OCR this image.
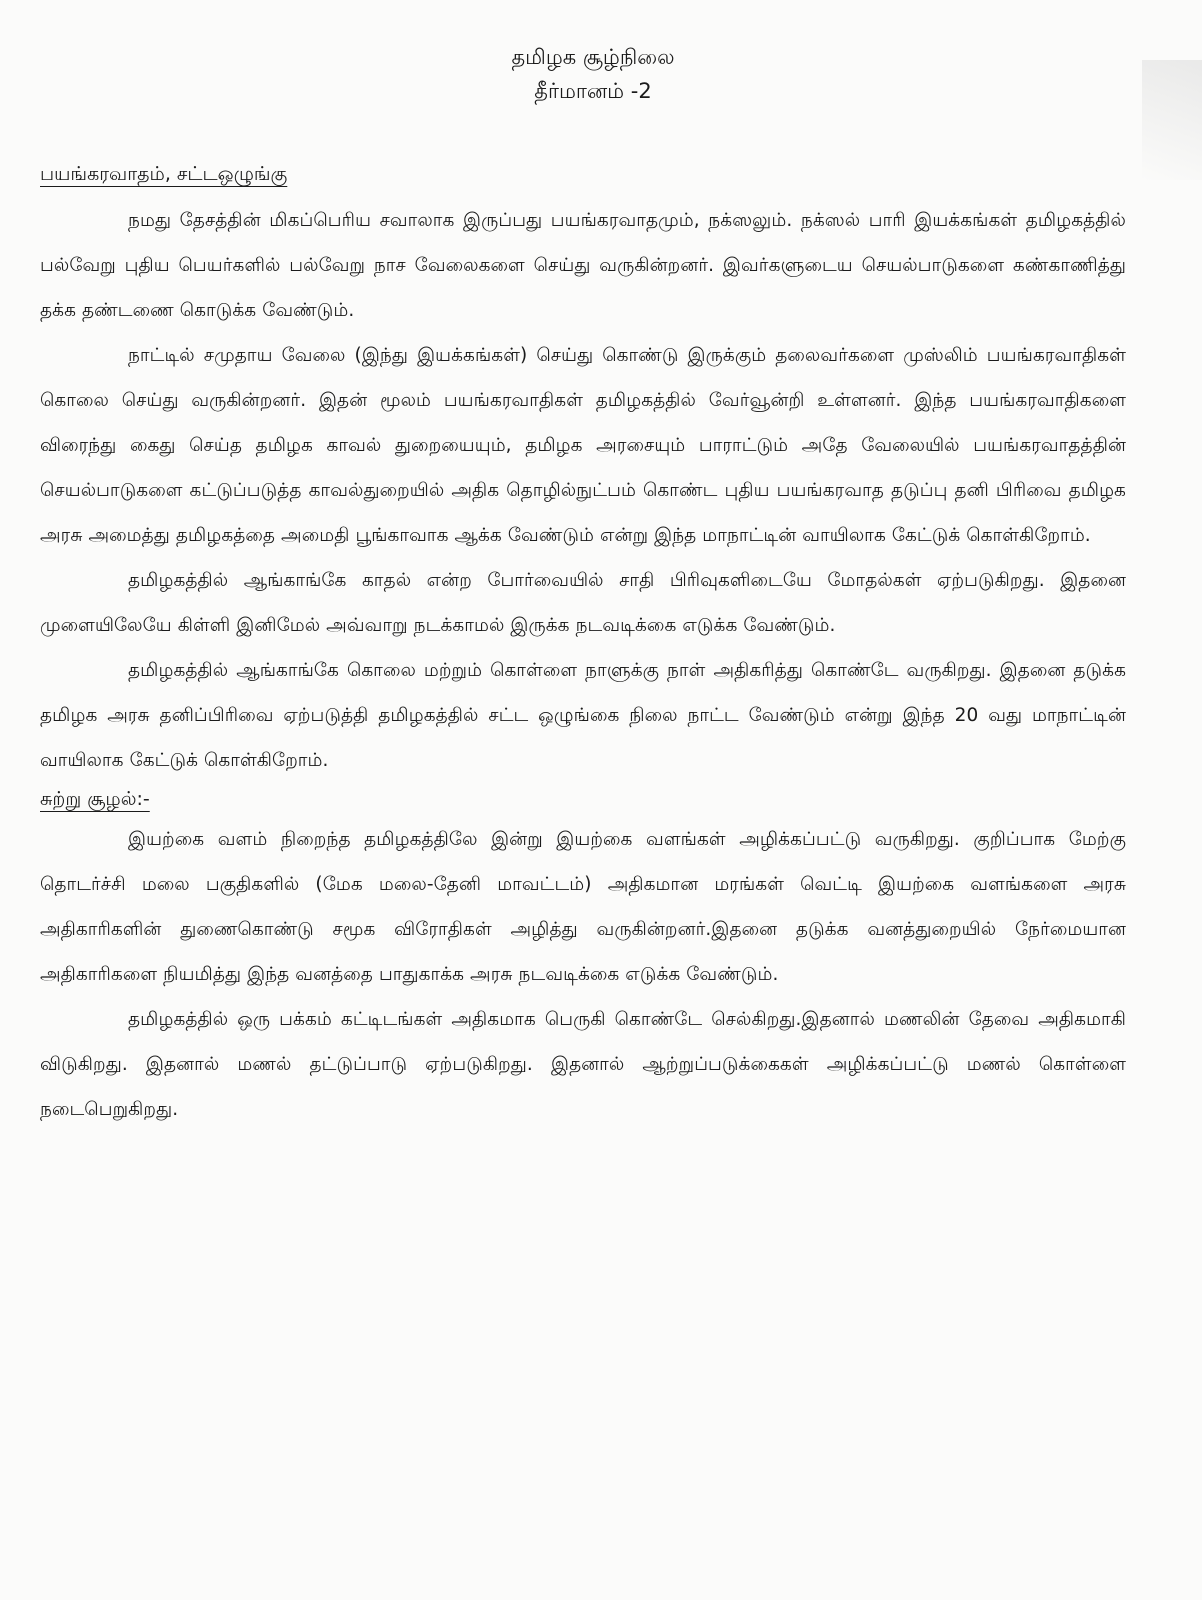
தமிழக சூழ்நிலை
தீர்மானம் -2
பயங்கரவாதம், சட்டஒழுங்கு

நமது தேசத்தின் மிகப்பெரிய சவாலாக இருப்பது பயங்கரவாதமும், நக்ஸலும். நக்ஸல் பாரி இயக்கங்கள் தமிழகத்தில் பல்வேறு புதிய பெயர்களில் பல்வேறு நாச வேலைகளை செய்து வருகின்றனர். இவர்களுடைய செயல்பாடுகளை கண்காணித்து தக்க தண்டணை கொடுக்க வேண்டும்.

நாட்டில் சமுதாய வேலை (இந்து இயக்கங்கள்) செய்து கொண்டு இருக்கும் தலைவர்களை முஸ்லிம் பயங்கரவாதிகள் கொலை செய்து வருகின்றனர். இதன் மூலம் பயங்கரவாதிகள் தமிழகத்தில் வேர்வூன்றி உள்ளனர். இந்த பயங்கரவாதிகளை விரைந்து கைது செய்த தமிழக காவல் துறையையும், தமிழக அரசையும் பாராட்டும் அதே வேலையில் பயங்கரவாதத்தின் செயல்பாடுகளை கட்டுப்படுத்த காவல்துறையில் அதிக தொழில்நுட்பம் கொண்ட புதிய பயங்கரவாத தடுப்பு தனி பிரிவை தமிழக அரசு அமைத்து தமிழகத்தை அமைதி பூங்காவாக ஆக்க வேண்டும் என்று இந்த மாநாட்டின் வாயிலாக கேட்டுக் கொள்கிறோம்.

தமிழகத்தில் ஆங்காங்கே காதல் என்ற போர்வையில் சாதி பிரிவுகளிடையே மோதல்கள் ஏற்படுகிறது. இதனை முளையிலேயே கிள்ளி இனிமேல் அவ்வாறு நடக்காமல் இருக்க நடவடிக்கை எடுக்க வேண்டும்.

தமிழகத்தில் ஆங்காங்கே கொலை மற்றும் கொள்ளை நாளுக்கு நாள் அதிகரித்து கொண்டே வருகிறது. இதனை தடுக்க தமிழக அரசு தனிப்பிரிவை ஏற்படுத்தி தமிழகத்தில் சட்ட ஒழுங்கை நிலை நாட்ட வேண்டும் என்று இந்த 20 வது மாநாட்டின் வாயிலாக கேட்டுக் கொள்கிறோம்.

சுற்று சூழல்:-

இயற்கை வளம் நிறைந்த தமிழகத்திலே இன்று இயற்கை வளங்கள் அழிக்கப்பட்டு வருகிறது. குறிப்பாக மேற்கு தொடர்ச்சி மலை பகுதிகளில் (மேக மலை-தேனி மாவட்டம்) அதிகமான மரங்கள் வெட்டி இயற்கை வளங்களை அரசு அதிகாரிகளின் துணைகொண்டு சமூக விரோதிகள் அழித்து வருகின்றனர்.இதனை தடுக்க வனத்துறையில் நேர்மையான அதிகாரிகளை நியமித்து இந்த வனத்தை பாதுகாக்க அரசு நடவடிக்கை எடுக்க வேண்டும்.

தமிழகத்தில் ஒரு பக்கம் கட்டிடங்கள் அதிகமாக பெருகி கொண்டே செல்கிறது.இதனால் மணலின் தேவை அதிகமாகி விடுகிறது. இதனால் மணல் தட்டுப்பாடு ஏற்படுகிறது. இதனால் ஆற்றுப்படுக்கைகள் அழிக்கப்பட்டு மணல் கொள்ளை நடைபெறுகிறது.
